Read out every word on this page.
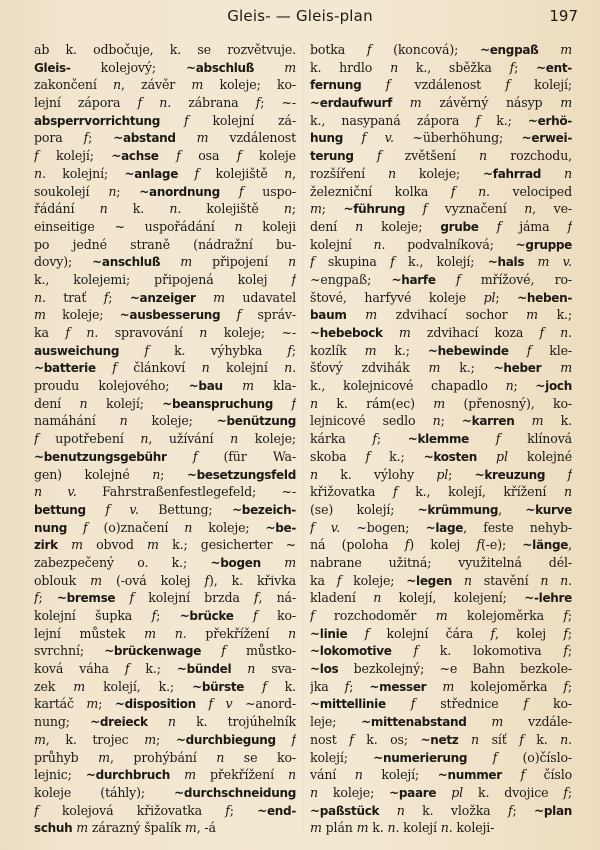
Gleis- — Gleis-plan	197
ab k. odbočuje, k. se rozvětvuje.
Gleis- kolejový; ~abschluß m
zakončení n, závěr m koleje; ko-
lejní zápora f n. zábrana f; ~-
absperrvorrichtung f kolejní zá-
pora f; ~abstand m vzdálenost
f kolejí; ~achse f osa f koleje
n. kolejní; ~anlage f kolejiště n,
soukolejí n; ~anordnung f uspo-
řádání n k. n. kolejiště n;
einseitige ~ uspořádání n koleji
po jedné straně (nádražní bu-
dovy); ~anschluß m připojení n
k., kolejemi; připojená kolej f
n. trať f; ~anzeiger m udavatel
m koleje; ~ausbesserung f správ-
ka f n. spravování n koleje; ~-
ausweichung f k. výhybka f;
~batterie f článkoví n kolejní n.
proudu kolejového; ~bau m kla-
dení n kolejí; ~beanspruchung f
namáhání n koleje; ~benützung
f upotřebení n, užívání n koleje;
~benutzungsgebühr f (für Wa-
gen) kolejné n; ~besetzungsfeld
n v. Fahrstraßenfestlegefeld; ~-
bettung f v. Bettung; ~bezeich-
nung f (o)značení n koleje; ~be-
zirk m obvod m k.; gesicherter ~
zabezpečený o. k.; ~bogen m
oblouk m (-ová kolej f), k. křivka
f; ~bremse f kolejní brzda f, ná-
kolejní šupka f; ~brücke f ko-
lejní můstek m n. překřížení n
svrchní; ~brückenwage f můstko-
ková váha f k.; ~bündel n sva-
zek m kolejí, k.; ~bürste f k.
kartáč m; ~disposition f v ~anord-
nung; ~dreieck n k. trojúhelník
m, k. trojec m; ~durchbiegung f
průhyb m, prohýbání n se ko-
lejnic; ~durchbruch m překřížení n
koleje (táhly); ~durchschneidung
f kolejová křižovatka f; ~end-
schuh m zárazný špalík m, -á
botka f (koncová); ~engpaß m
k. hrdlo n k., sběžka f; ~ent-
fernung f vzdálenost f kolejí;
~erdaufwurf m závěrný násyp m
k., nasypaná zápora f k.; ~erhö-
hung f v. ~überhöhung; ~erwei-
terung f zvětšení n rozchodu,
rozšíření n koleje; ~fahrrad n
železniční kolka f n. velociped
m; ~führung f vyznačení n, ve-
dení n koleje; grube f jáma f
kolejní n. podvalníková; ~gruppe
f skupina f k., kolejí; ~hals m v.
~engpaß; ~harfe f mřížové, ro-
štové, harfyvé koleje pl; ~heben-
baum m zdvihací sochor m k.;
~hebebock m zdvihací koza f n.
kozlík m k.; ~hebewinde f kle-
šťový zdvihák m k.; ~heber m
k., kolejnicové chapadlo n; ~joch
n k. rám(ec) m (přenosný), ko-
lejnicové sedlo n; ~karren m k.
kárka f; ~klemme f klínová
skoba f k.; ~kosten pl kolejné
n k. výlohy pl; ~kreuzung f
křižovatka f k., kolejí, křížení n
(se) kolejí; ~krümmung, ~kurve
f v. ~bogen; ~lage, feste nehyb-
ná (poloha f) kolej f(-e); ~länge,
nabrane užitná; využitelná dél-
ka f koleje; ~legen n stavění n n.
kladení n kolejí, kolejení; ~-lehre
f rozchodoměr m kolejoměrka f;
~linie f kolejní čára f, kolej f;
~lokomotive f k. lokomotiva f;
~los bezkolejný; ~e Bahn bezkole-
jka f; ~messer m kolejoměrka f;
~mittellinie f střednice f ko-
leje; ~mittenabstand m vzdále-
nost f k. os; ~netz n síť f k. n.
kolejí; ~numerierung f (o)číslo-
vání n kolejí; ~nummer f číslo
n koleje; ~paare pl k. dvojice f;
~paßstück n k. vložka f; ~plan
m plán m k. n. kolejí n. koleji-
